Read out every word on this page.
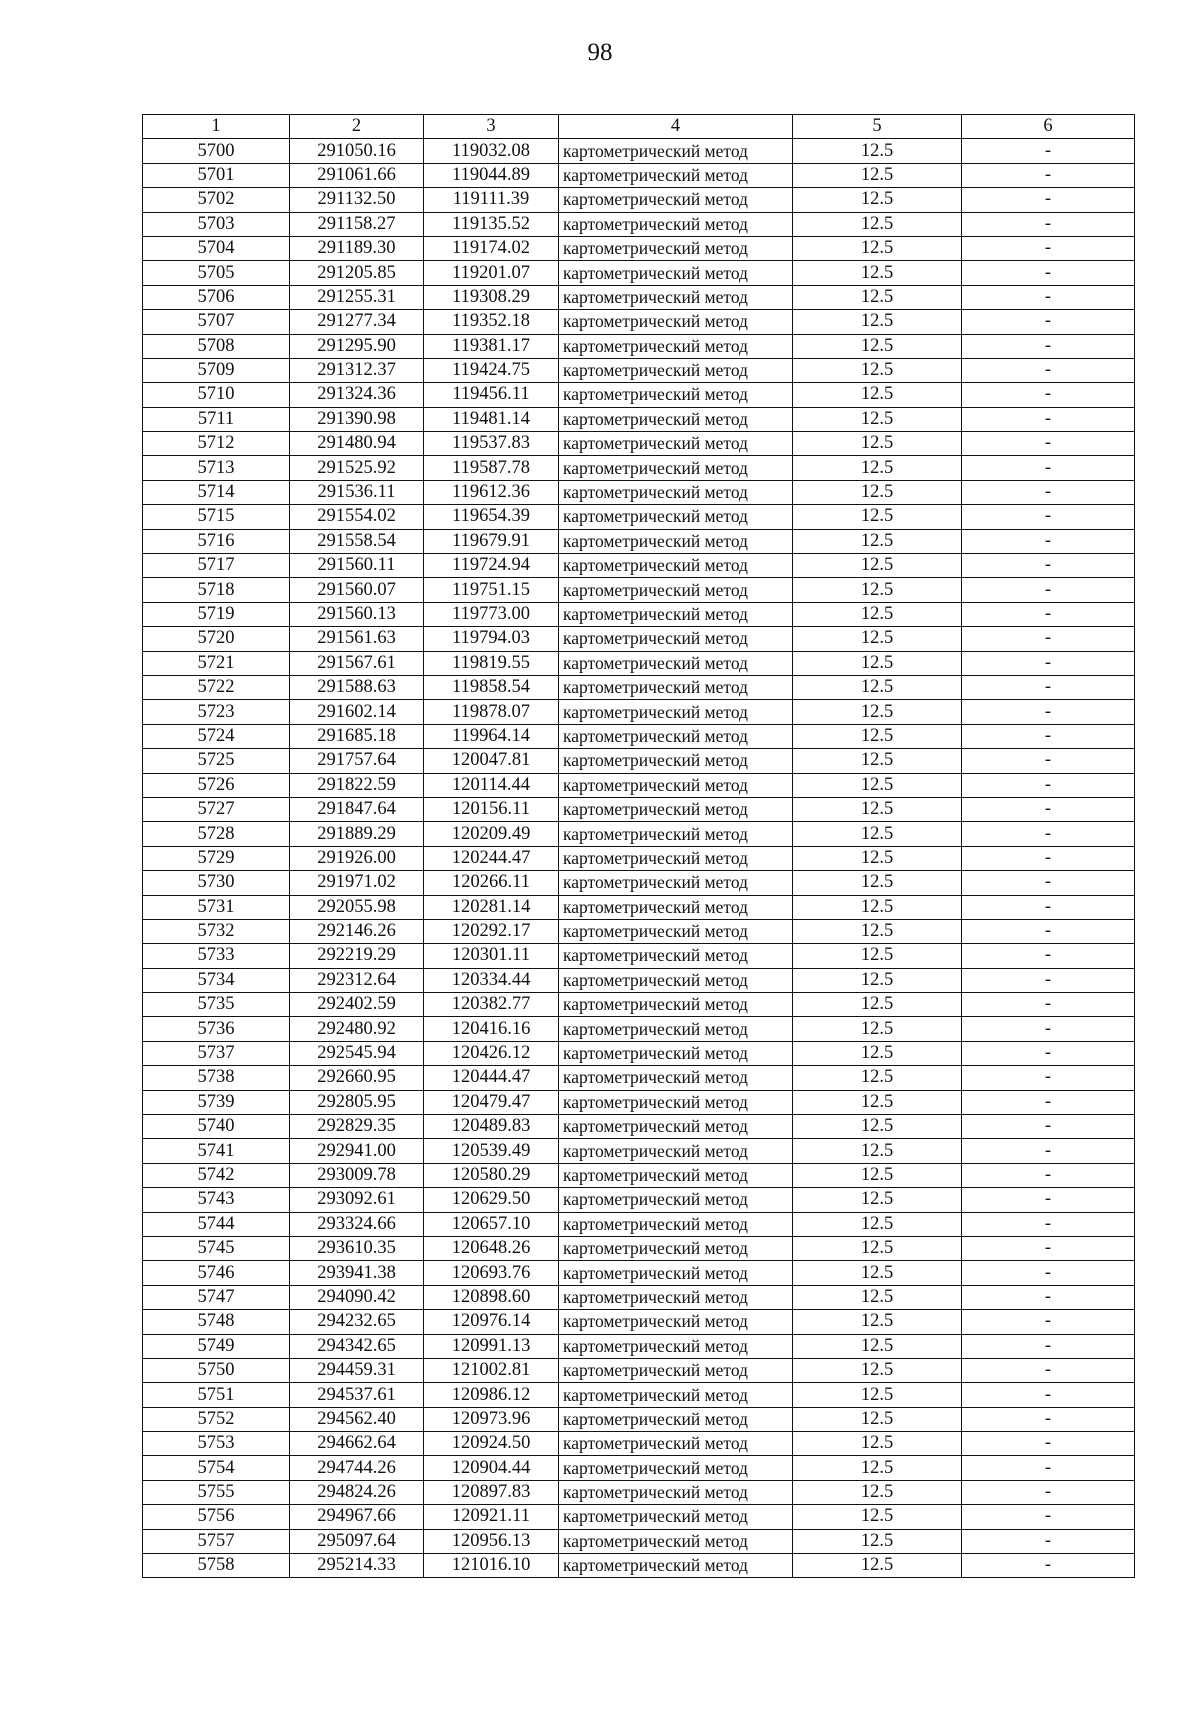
98
1	2	3	4	5	6
5700	291050.16	119032.08	картометрический метод	12.5	-
5701	291061.66	119044.89	картометрический метод	12.5	-
5702	291132.50	119111.39	картометрический метод	12.5	-
5703	291158.27	119135.52	картометрический метод	12.5	-
5704	291189.30	119174.02	картометрический метод	12.5	-
5705	291205.85	119201.07	картометрический метод	12.5	-
5706	291255.31	119308.29	картометрический метод	12.5	-
5707	291277.34	119352.18	картометрический метод	12.5	-
5708	291295.90	119381.17	картометрический метод	12.5	-
5709	291312.37	119424.75	картометрический метод	12.5	-
5710	291324.36	119456.11	картометрический метод	12.5	-
5711	291390.98	119481.14	картометрический метод	12.5	-
5712	291480.94	119537.83	картометрический метод	12.5	-
5713	291525.92	119587.78	картометрический метод	12.5	-
5714	291536.11	119612.36	картометрический метод	12.5	-
5715	291554.02	119654.39	картометрический метод	12.5	-
5716	291558.54	119679.91	картометрический метод	12.5	-
5717	291560.11	119724.94	картометрический метод	12.5	-
5718	291560.07	119751.15	картометрический метод	12.5	-
5719	291560.13	119773.00	картометрический метод	12.5	-
5720	291561.63	119794.03	картометрический метод	12.5	-
5721	291567.61	119819.55	картометрический метод	12.5	-
5722	291588.63	119858.54	картометрический метод	12.5	-
5723	291602.14	119878.07	картометрический метод	12.5	-
5724	291685.18	119964.14	картометрический метод	12.5	-
5725	291757.64	120047.81	картометрический метод	12.5	-
5726	291822.59	120114.44	картометрический метод	12.5	-
5727	291847.64	120156.11	картометрический метод	12.5	-
5728	291889.29	120209.49	картометрический метод	12.5	-
5729	291926.00	120244.47	картометрический метод	12.5	-
5730	291971.02	120266.11	картометрический метод	12.5	-
5731	292055.98	120281.14	картометрический метод	12.5	-
5732	292146.26	120292.17	картометрический метод	12.5	-
5733	292219.29	120301.11	картометрический метод	12.5	-
5734	292312.64	120334.44	картометрический метод	12.5	-
5735	292402.59	120382.77	картометрический метод	12.5	-
5736	292480.92	120416.16	картометрический метод	12.5	-
5737	292545.94	120426.12	картометрический метод	12.5	-
5738	292660.95	120444.47	картометрический метод	12.5	-
5739	292805.95	120479.47	картометрический метод	12.5	-
5740	292829.35	120489.83	картометрический метод	12.5	-
5741	292941.00	120539.49	картометрический метод	12.5	-
5742	293009.78	120580.29	картометрический метод	12.5	-
5743	293092.61	120629.50	картометрический метод	12.5	-
5744	293324.66	120657.10	картометрический метод	12.5	-
5745	293610.35	120648.26	картометрический метод	12.5	-
5746	293941.38	120693.76	картометрический метод	12.5	-
5747	294090.42	120898.60	картометрический метод	12.5	-
5748	294232.65	120976.14	картометрический метод	12.5	-
5749	294342.65	120991.13	картометрический метод	12.5	-
5750	294459.31	121002.81	картометрический метод	12.5	-
5751	294537.61	120986.12	картометрический метод	12.5	-
5752	294562.40	120973.96	картометрический метод	12.5	-
5753	294662.64	120924.50	картометрический метод	12.5	-
5754	294744.26	120904.44	картометрический метод	12.5	-
5755	294824.26	120897.83	картометрический метод	12.5	-
5756	294967.66	120921.11	картометрический метод	12.5	-
5757	295097.64	120956.13	картометрический метод	12.5	-
5758	295214.33	121016.10	картометрический метод	12.5	-
